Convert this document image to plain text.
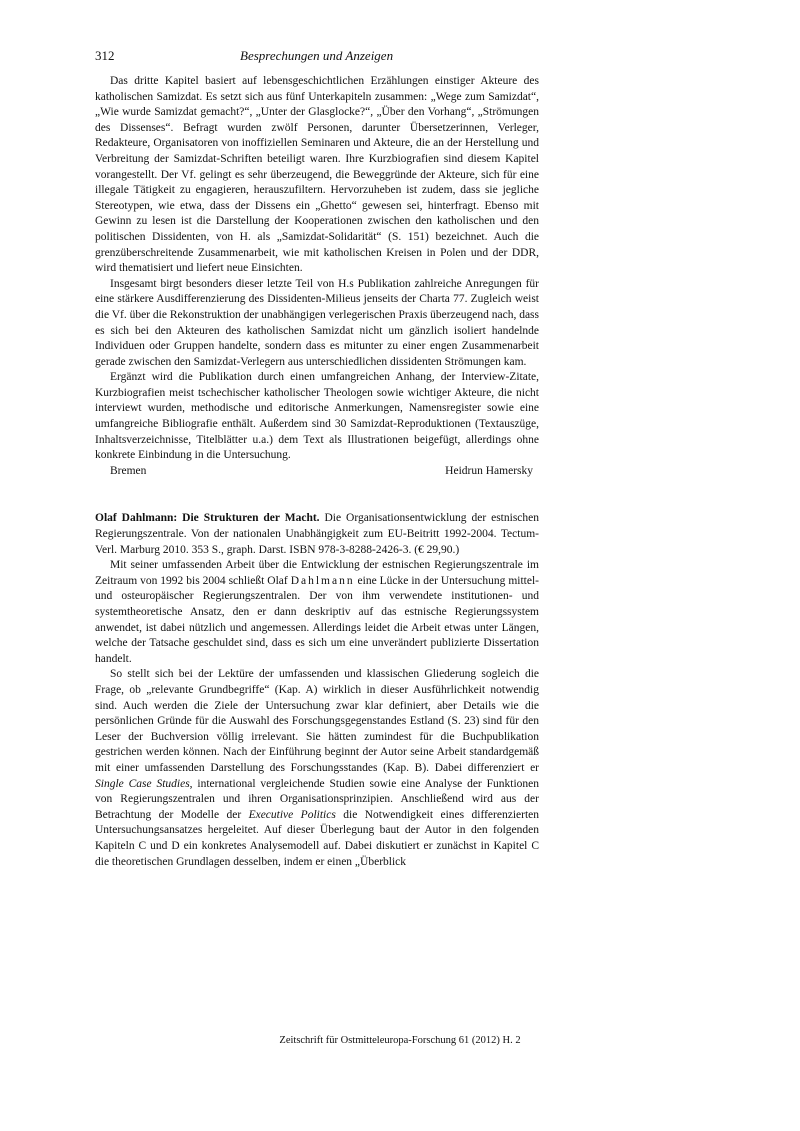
312	Besprechungen und Anzeigen

Das dritte Kapitel basiert auf lebensgeschichtlichen Erzählungen einstiger Akteure des katholischen Samizdat. Es setzt sich aus fünf Unterkapiteln zusammen: „Wege zum Samizdat“, „Wie wurde Samizdat gemacht?“, „Unter der Glasglocke?“, „Über den Vorhang“, „Strömungen des Dissenses“. Befragt wurden zwölf Personen, darunter Übersetzerinnen, Verleger, Redakteure, Organisatoren von inoffiziellen Seminaren und Akteure, die an der Herstellung und Verbreitung der Samizdat-Schriften beteiligt waren. Ihre Kurzbiografien sind diesem Kapitel vorangestellt. Der Vf. gelingt es sehr überzeugend, die Beweggründe der Akteure, sich für eine illegale Tätigkeit zu engagieren, herauszufiltern. Hervorzuheben ist zudem, dass sie jegliche Stereotypen, wie etwa, dass der Dissens ein „Ghetto“ gewesen sei, hinterfragt. Ebenso mit Gewinn zu lesen ist die Darstellung der Kooperationen zwischen den katholischen und den politischen Dissidenten, von H. als „Samizdat-Solidarität“ (S. 151) bezeichnet. Auch die grenzüberschreitende Zusammenarbeit, wie mit katholischen Kreisen in Polen und der DDR, wird thematisiert und liefert neue Einsichten.

Insgesamt birgt besonders dieser letzte Teil von H.s Publikation zahlreiche Anregungen für eine stärkere Ausdifferenzierung des Dissidenten-Milieus jenseits der Charta 77. Zugleich weist die Vf. über die Rekonstruktion der unabhängigen verlegerischen Praxis überzeugend nach, dass es sich bei den Akteuren des katholischen Samizdat nicht um gänzlich isoliert handelnde Individuen oder Gruppen handelte, sondern dass es mitunter zu einer engen Zusammenarbeit gerade zwischen den Samizdat-Verlegern aus unterschiedlichen dissidenten Strömungen kam.

Ergänzt wird die Publikation durch einen umfangreichen Anhang, der Interview-Zitate, Kurzbiografien meist tschechischer katholischer Theologen sowie wichtiger Akteure, die nicht interviewt wurden, methodische und editorische Anmerkungen, Namensregister sowie eine umfangreiche Bibliografie enthält. Außerdem sind 30 Samizdat-Reproduktionen (Textauszüge, Inhaltsverzeichnisse, Titelblätter u.a.) dem Text als Illustrationen beigefügt, allerdings ohne konkrete Einbindung in die Untersuchung.

Bremen	Heidrun Hamersky

Olaf Dahlmann: Die Strukturen der Macht. Die Organisationsentwicklung der estnischen Regierungszentrale. Von der nationalen Unabhängigkeit zum EU-Beitritt 1992-2004. Tectum-Verl. Marburg 2010. 353 S., graph. Darst. ISBN 978-3-8288-2426-3. (€ 29,90.)

Mit seiner umfassenden Arbeit über die Entwicklung der estnischen Regierungszentrale im Zeitraum von 1992 bis 2004 schließt Olaf Dahlmann eine Lücke in der Untersuchung mittel- und osteuropäischer Regierungszentralen. Der von ihm verwendete institutionen- und systemtheoretische Ansatz, den er dann deskriptiv auf das estnische Regierungssystem anwendet, ist dabei nützlich und angemessen. Allerdings leidet die Arbeit etwas unter Längen, welche der Tatsache geschuldet sind, dass es sich um eine unverändert publizierte Dissertation handelt.

So stellt sich bei der Lektüre der umfassenden und klassischen Gliederung sogleich die Frage, ob „relevante Grundbegriffe“ (Kap. A) wirklich in dieser Ausführlichkeit notwendig sind. Auch werden die Ziele der Untersuchung zwar klar definiert, aber Details wie die persönlichen Gründe für die Auswahl des Forschungsgegenstandes Estland (S. 23) sind für den Leser der Buchversion völlig irrelevant. Sie hätten zumindest für die Buchpublikation gestrichen werden können. Nach der Einführung beginnt der Autor seine Arbeit standardgemäß mit einer umfassenden Darstellung des Forschungsstandes (Kap. B). Dabei differenziert er Single Case Studies, international vergleichende Studien sowie eine Analyse der Funktionen von Regierungszentralen und ihren Organisationsprinzipien. Anschließend wird aus der Betrachtung der Modelle der Executive Politics die Notwendigkeit eines differenzierten Untersuchungsansatzes hergeleitet. Auf dieser Überlegung baut der Autor in den folgenden Kapiteln C und D ein konkretes Analysemodell auf. Dabei diskutiert er zunächst in Kapitel C die theoretischen Grundlagen desselben, indem er einen „Überblick

Zeitschrift für Ostmitteleuropa-Forschung 61 (2012) H. 2
